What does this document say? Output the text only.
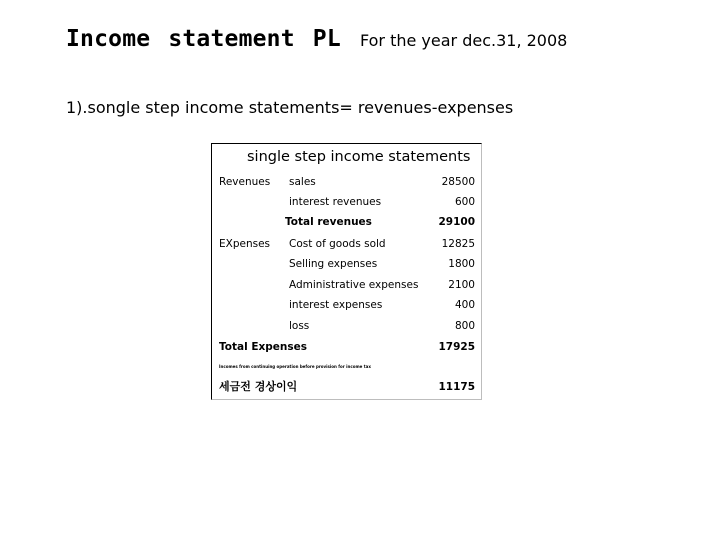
Income statement PL For the year dec.31, 2008
1).songle step income statements= revenues-expenses
single step income statements
Revenues sales	28500
interest revenues	600
Total revenues	29100
EXpenses Cost of goods sold	12825
Selling expenses	1800
Administrative expenses	2100
interest expenses	400
loss	800
Total Expenses	17925
Incomes from continuing operation before provision for income tax
세금전 경상이익	11175
